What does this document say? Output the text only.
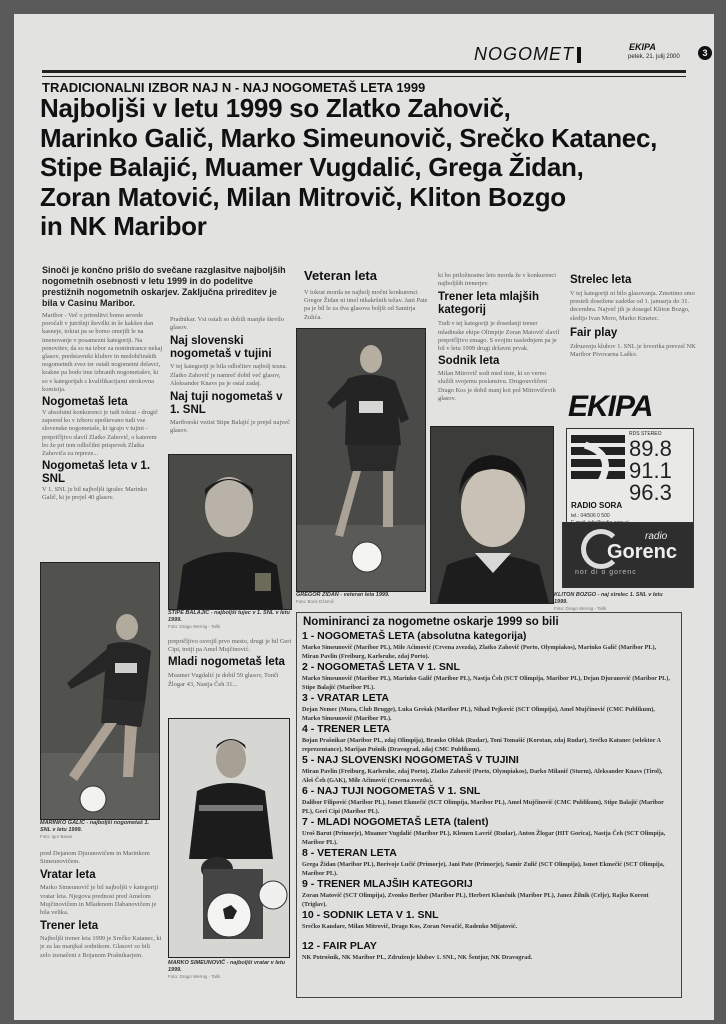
NOGOMET	EKIPA
petek, 21. julij 2000	3
TRADICIONALNI IZBOR NAJ N - NAJ NOGOMETAŠ LETA 1999
Najboljši v letu 1999 so Zlatko Zahovič,
Marinko Galič, Marko Simeunovič, Srečko Katanec,
Stipe Balajić, Muamer Vugdalić, Grega Židan,
Zoran Matović, Milan Mitrovič, Kliton Bozgo
in NK Maribor
Sinoči je končno prišlo do svečane razglasitve najboljših nogometnih osebnosti v letu 1999 in do podelitve prestižnih nogometnih oskarjev. Zaključna prireditev je bila v Casinu Maribor.
Maribor - Več o prireditvi bomo sevede poročali v jutrišnji številki in še kakšen dan kasneje, tokrat pa se bomo omejili le na imenovanje v posamezni kategoriji. Na ponovitev, da so na izbor za nominirance nekaj glasov, predstavniki klubov in medobčinskih nogometnih zvez ter ostali nogometni delavci, krakne pa bodo ime izbranih nogometašev, ki so v kategorijah s kvalifikacijami strokovna komisija.
Nogometaš leta
V absolutni konkurenci je tudi tokrat - drugič zapored ko v izboru upoštevano tudi vse slovenske nogometaše, ki igrajo v tujini - prepričljivo slavil Zlatko Zahovič, o katerem bo že pri tem odločilni prispevek Zlatka Zahoviča za repreze...
Nogometaš leta v 1. SNL
V 1. SNL je bil najboljši igralec Marinko Galič, ki je prejel 40 glasov.
Pradnikar. Vsi ostali so dobili manjše število glasov.
Naj slovenski nogometaš v tujini
V tej kategoriji je bila odločitev najbolj tesna. Zlatko Zahovič je namreč dobil več glasov, Aleksander Knavs pa je ostal zadaj.
Naj tuji nogometaš v 1. SNL
Mariborski vezist Stipe Balajić je prejel največ glasov.
STIPE BALAJIĆ - najboljši tujec v 1. SNL v letu 1999.
Foto: Drago Wernig - Tašk
prepričljivo osvojil prvo mesto, drugi je bil Geri Cipi, tretji pa Amel Mujčinović.
Mladi nogometaš leta
Muamer Vugdalić je dobil 59 glasov, Tonči Žlogar 43, Nastja Čeh 31...
MARKO SIMEUNOVIČ - najboljši vratar v letu 1999.
Foto: Drago Wernig - Tašk
Veteran leta
V tokrat morda ne najbolj močni konkurenci Gregor Židan ni imel nikakršnih težav. Jani Pate pa je bil le za dva glasova boljši od Samirja Zulića.
GREGOR ŽIDAN - veteran leta 1999.
Foto: Boris Džamič
ki bo priložnostno leto morda že v konkurenci najboljših trenerjev.
Trener leta mlajših kategorij
Tudi v tej kategoriji je dosedanji trener mladinske ekipe Olimpije Zoran Matovič slavil prepričljivo zmago. S svojim naslednjem pa je bil v letu 1999 drugi državni prvak.
Sodnik leta
Milan Mitrovič sodi med tiste, ki so verno služili svojemu poslanstvu. Drugouvrščeni Drago Kos je dobil manj kot pol Mitrovičevih glasov.
KLITON BOZGO - naj strelec 1. SNL v letu 1999.
Foto: Drago Wernig - Tašk
Strelec leta
V tej kategoriji ni bilo glasovanja. Zmotimo smo presteli dosežene zadetke od 1. januarja do 31. decembra. Največ jih je dosegel Kliton Bozgo, sledijo Ivan Moro, Marko Kmetec.
Fair play
Zdruzenju klubov 1. SNL je lovorika prevzel NK Maribor Pivovarna Laško.
EKIPA
RADIO SORA
RDS STEREO
89.8
91.1
96.3
tel.: 04/506 0 500
radio
Gorenc
nor di o gorenc
MARINKO GALIČ - najboljši nogometaš 1. SNL v letu 1999.
Foto: Igor Bauer
pred Dejanom Djuranovičem in Marinkom Simeunovičem.
Vratar leta
Marko Simeunovič je bil najboljši v kategoriji vratar leta. Njegova prednost pred Amelom Mujčinovičem in Mladenom Dabanovičem je bila velika.
Trener leta
Najboljši trener leta 1999 je Srečko Katanec, ki je za las manjkal sodnikom. Glasovi so bili zelo izenačeni z Bojanom Prašnikarjem.
Nominiranci za nogometne oskarje 1999 so bili
1 - NOGOMETAŠ LETA (absolutna kategorija)
Marko Simeunovič (Maribor PL), Mile Aćimović (Crvena zvezda), Zlatko Zahovič (Porto, Olympiakos), Marinko Galič (Maribor PL), Miran Pavlin (Freiburg, Karlsruhe, zdaj Porto).
2 - NOGOMETAŠ LETA V 1. SNL
Marko Simeunovič (Maribor PL), Marinko Galič (Maribor PL), Nastja Čeh (SCT Olimpija, Maribor PL), Dejan Djuranović (Maribor PL), Stipe Balajić (Maribor PL).
3 - VRATAR LETA
Dejan Nemec (Mura, Club Brugge), Luka Grešak (Maribor PL), Nihad Pejković (SCT Olimpija), Amel Mujčinović (CMC Publikum), Marko Simeunovič (Maribor PL).
4 - TRENER LETA
Bojan Prašnikar (Maribor PL, zdaj Olimpija), Branko Oblak (Rudar), Toni Tomašić (Korotan, zdaj Rudar), Srečko Katanec (selektor A reprezentance), Marijan Pušnik (Dravograd, zdaj CMC Publikum).
5 - NAJ SLOVENSKI NOGOMETAŠ V TUJINI
Miran Pavlin (Freiburg, Karlsruhe, zdaj Porto), Zlatko Zahovič (Porto, Olympiakos), Darko Milanič (Sturm), Aleksander Knavs (Tirol), Aleš Čeh (GAK), Mile Aćimović (Crvena zvezda).
6 - NAJ TUJI NOGOMETAŠ V 1. SNL
Dalibor Filipović (Maribor PL), Ismet Ekmečić (SCT Olimpija, Maribor PL), Amel Mujčinović (CMC Publikum), Stipe Balajić (Maribor PL), Geri Cipi (Maribor PL).
7 - MLADI NOGOMETAŠ LETA (talent)
Uroš Barut (Primorje), Muamer Vugdalić (Maribor PL), Klemen Lavrič (Rudar), Anton Žlogar (HIT Gorica), Nastja Čeh (SCT Olimpija, Maribor PL).
8 - VETERAN LETA
Grega Židan (Maribor PL), Borivoje Lučić (Primorje), Jani Pate (Primorje), Samir Zulič (SCT Olimpija), Ismet Ekmečić (SCT Olimpija, Maribor PL).
9 - TRENER MLAJŠIH KATEGORIJ
Zoran Matovič (SCT Olimpija), Zvonko Berber (Maribor PL), Herbert Klančnik (Maribor PL), Janez Žilnik (Celje), Rajko Korent (Triglav).
10 - SODNIK LETA V 1. SNL
Srečko Kandare, Milan Mitrovič, Drago Kos, Zoran Novačič, Radenko Mijatović.
12 - FAIR PLAY
NK Potrošnik, NK Maribor PL, Združenje klubov 1. SNL, NK Šentjur, NK Dravograd.
